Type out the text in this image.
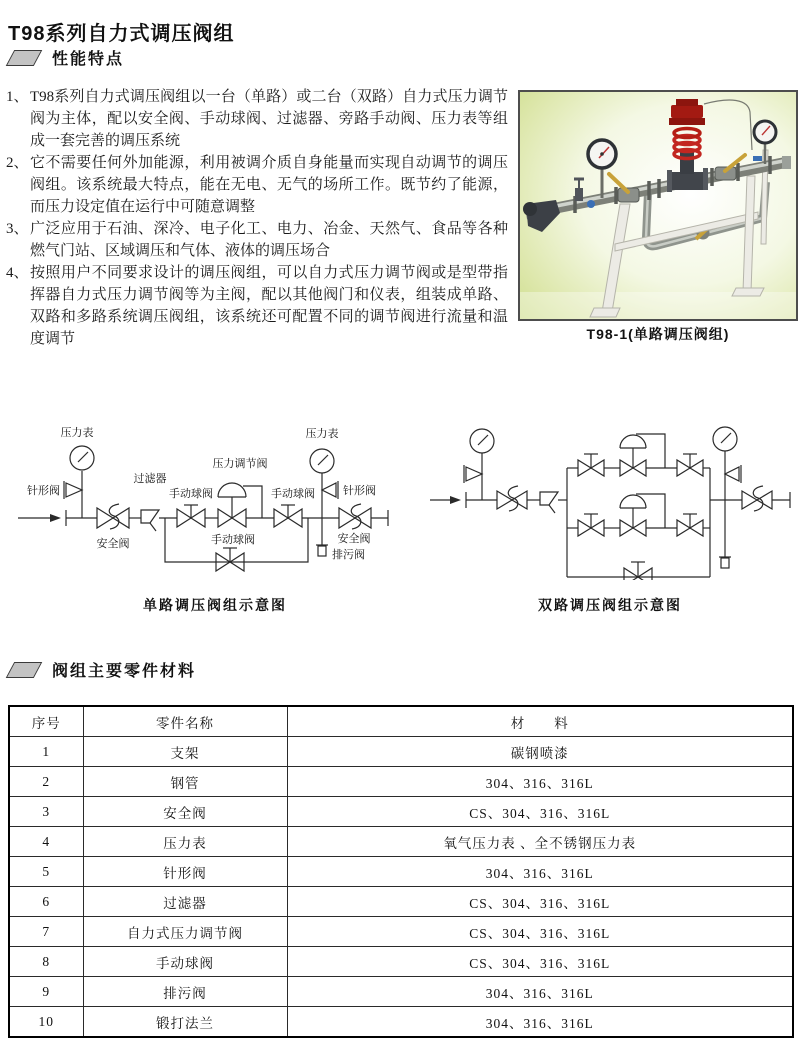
T98系列自力式调压阀组
性能特点
1、 T98系列自力式调压阀组以一台（单路）或二台（双路）自力式压力调节阀为主体，配以安全阀、手动球阀、过滤器、旁路手动阀、压力表等组成一套完善的调压系统
2、 它不需要任何外加能源，利用被调介质自身能量而实现自动调节的调压阀组。该系统最大特点，能在无电、无气的场所工作。既节约了能源，而压力设定值在运行中可随意调整
3、 广泛应用于石油、深冷、电子化工、电力、冶金、天然气、食品等各种燃气门站、区域调压和气体、液体的调压场合
4、 按照用户不同要求设计的调压阀组，可以自力式压力调节阀或是型带指挥器自力式压力调节阀等为主阀，配以其他阀门和仪表，组装成单路、双路和多路系统调压阀组，该系统还可配置不同的调节阀进行流量和温度调节	T98-1(单路调压阀组)
压力表
针形阀
安全阀
过滤器
手动球阀
压力调节阀
手动球阀
压力表
针形阀
安全阀
排污阀
手动球阀
单路调压阀组示意图	双路调压阀组示意图
阀组主要零件材料
序号	零件名称	材　　料
1	支架	碳钢喷漆
2	钢管	304、316、316L
3	安全阀	CS、304、316、316L
4	压力表	氧气压力表 、全不锈钢压力表
5	针形阀	304、316、316L
6	过滤器	CS、304、316、316L
7	自力式压力调节阀	CS、304、316、316L
8	手动球阀	CS、304、316、316L
9	排污阀	304、316、316L
10	锻打法兰	304、316、316L
